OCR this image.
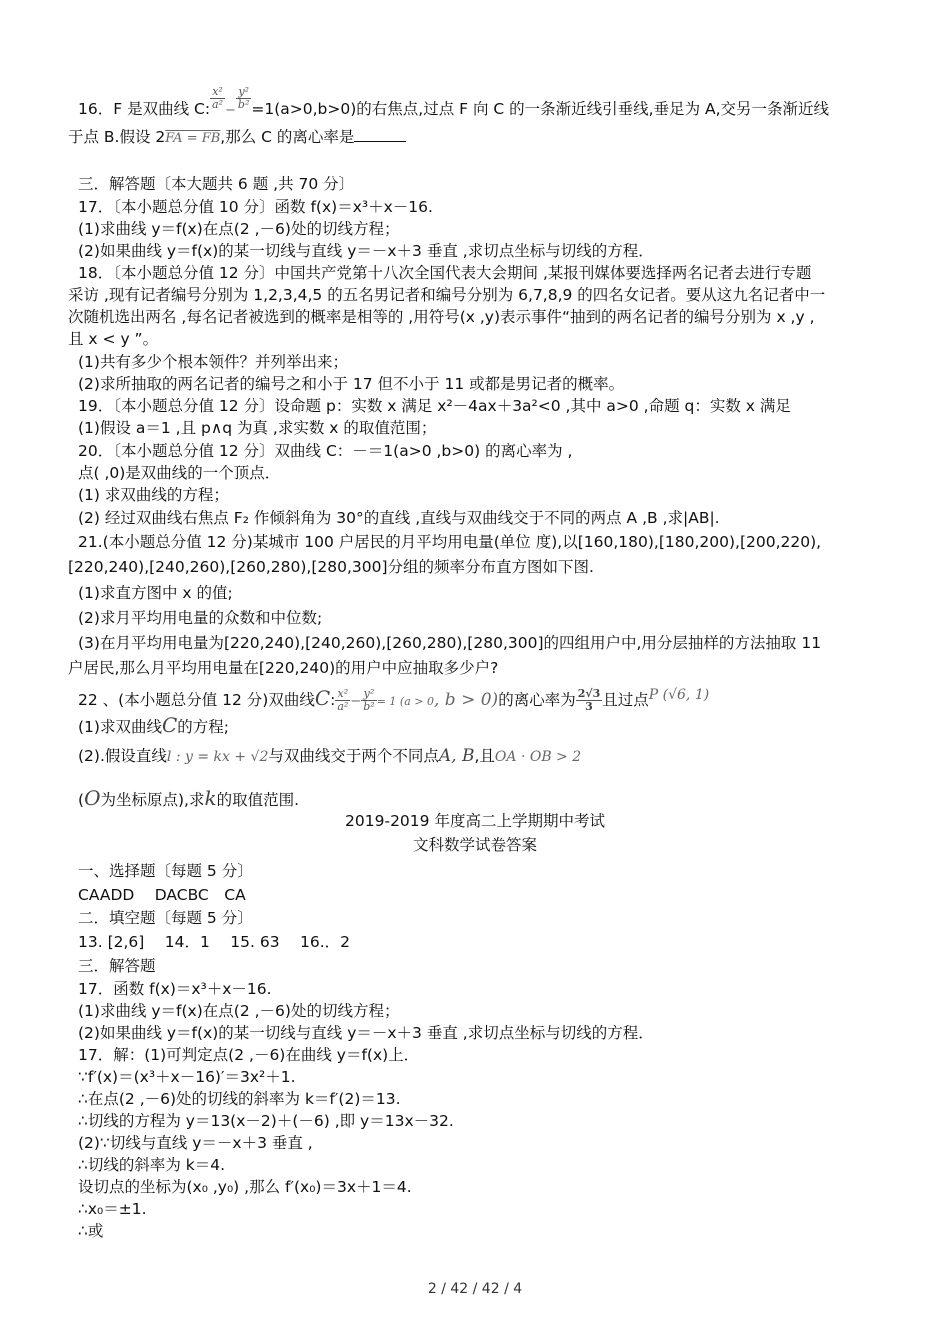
16．F 是双曲线 C: $\frac{\text{x²}}{\text{a²}} - \frac{\text{y²}}{\text{b²}} =1(a>0,b>0)$的右焦点,过点 F 向 C 的一条渐近线引垂线,垂足为 A,交另一条渐近线
于点 B.假设 2FA = FB,那么 C 的离心率是
三．解答题〔本大题共 6 题 ,共 70 分〕
17．〔本小题总分值 10 分〕函数 f(x)＝x³＋x－16.
(1)求曲线 y＝f(x)在点(2 ,－6)处的切线方程；
(2)如果曲线 y＝f(x)的某一切线与直线 y＝－x＋3 垂直 ,求切点坐标与切线的方程．
18．〔本小题总分值 12 分〕中国共产党第十八次全国代表大会期间 ,某报刊媒体要选择两名记者去进行专题
采访 ,现有记者编号分别为 1,2,3,4,5 的五名男记者和编号分别为 6,7,8,9 的四名女记者。要从这九名记者中一
次随机选出两名 ,每名记者被选到的概率是相等的 ,用符号(x ,y)表示事件“抽到的两名记者的编号分别为 x ,y ,
且 x < y ”。
(1)共有多少个根本领件？并列举出来；
(2)求所抽取的两名记者的编号之和小于 17 但不小于 11 或都是男记者的概率。
19．〔本小题总分值 12 分〕设命题 p：实数 x 满足 x²－4ax＋3a²<0 ,其中 a>0 ,命题 q：实数 x 满足
(1)假设 a＝1 ,且 p∧q 为真 ,求实数 x 的取值范围；
20．〔本小题总分值 12 分〕双曲线 C：－＝1(a>0 ,b>0) 的离心率为 ,
点( ,0)是双曲线的一个顶点．
(1) 求双曲线的方程；
(2) 经过双曲线右焦点 F₂ 作倾斜角为 30°的直线 ,直线与双曲线交于不同的两点 A ,B ,求|AB|.
21.(本小题总分值 12 分)某城市 100 户居民的月平均用电量(单位 度),以[160,180),[180,200),[200,220),
[220,240),[240,260),[260,280),[280,300]分组的频率分布直方图如下图.
(1)求直方图中 x 的值;
(2)求月平均用电量的众数和中位数;
(3)在月平均用电量为[220,240),[240,260),[260,280),[280,300]的四组用户中,用分层抽样的方法抽取 11
户居民,那么月平均用电量在[220,240)的用户中应抽取多少户?
22 、(本小题总分值 12 分)双曲线C: $\frac{\text{x²}}{\text{a²}} - \frac{\text{y²}}{\text{b²}} = 1$ (a > 0, b > 0)的离心率为 $\frac{2√3}{3}$ 且过点P (√6, 1)
(1)求双曲线C的方程;
(2).假设直线l : y = kx + √2与双曲线交于两个不同点A, B,且OA · OB > 2
(O为坐标原点),求k的取值范围.
2019-2019 年度高二上学期期中考试
文科数学试卷答案
一、选择题〔每题 5 分〕
CAADD　 DACBC　CA
二．填空题〔每题 5 分〕
13. [2,6]　 14．1　 15. 63　 16.．2
三．解答题
17．函数 f(x)＝x³＋x－16.
(1)求曲线 y＝f(x)在点(2 ,－6)处的切线方程；
(2)如果曲线 y＝f(x)的某一切线与直线 y＝－x＋3 垂直 ,求切点坐标与切线的方程．
17．解：(1)可判定点(2 ,－6)在曲线 y＝f(x)上．
∵f′(x)＝(x³＋x－16)′＝3x²＋1.
∴在点(2 ,－6)处的切线的斜率为 k＝f′(2)＝13.
∴切线的方程为 y＝13(x－2)＋(－6) ,即 y＝13x－32.
(2)∵切线与直线 y＝－x＋3 垂直 ,
∴切线的斜率为 k＝4.
设切点的坐标为(x₀ ,y₀) ,那么 f′(x₀)＝3x＋1＝4.
∴x₀＝±1.
∴或
2 / 42 / 42 / 4
